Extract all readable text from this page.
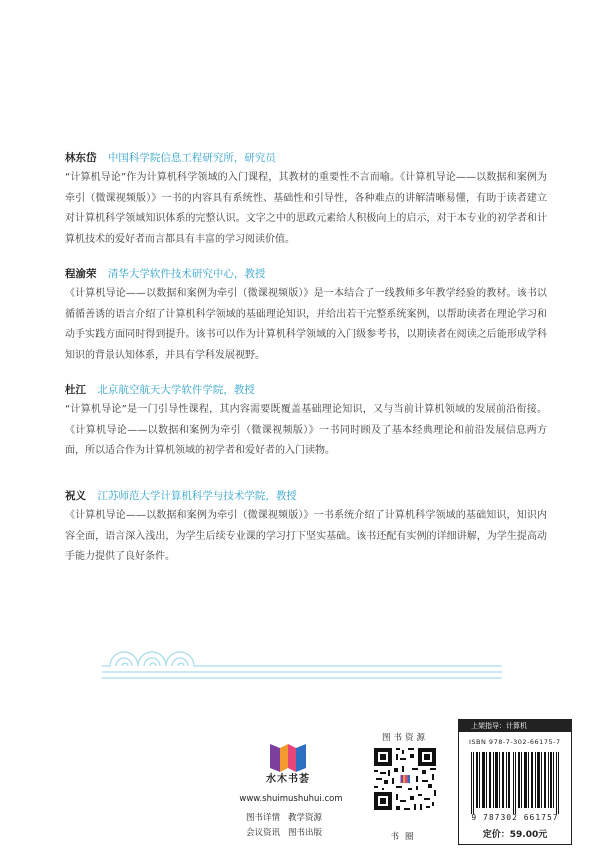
林东岱 中国科学院信息工程研究所，研究员
“计算机导论”作为计算机科学领域的入门课程，其教材的重要性不言而喻。《计算机导论——以数据和案例为牵引（微课视频版）》一书的内容具有系统性、基础性和引导性，各种难点的讲解清晰易懂，有助于读者建立对计算机科学领域知识体系的完整认识。文字之中的思政元素给人积极向上的启示，对于本专业的初学者和计算机技术的爱好者而言都具有丰富的学习阅读价值。
程渝荣 清华大学软件技术研究中心，教授
《计算机导论——以数据和案例为牵引（微课视频版）》是一本结合了一线教师多年教学经验的教材。该书以循循善诱的语言介绍了计算机科学领域的基础理论知识，并给出若干完整系统案例，以帮助读者在理论学习和动手实践方面同时得到提升。该书可以作为计算机科学领域的入门级参考书，以期读者在阅读之后能形成学科知识的背景认知体系，并具有学科发展视野。
杜江 北京航空航天大学软件学院，教授
“计算机导论”是一门引导性课程，其内容需要既覆盖基础理论知识，又与当前计算机领域的发展前沿衔接。《计算机导论——以数据和案例为牵引（微课视频版）》一书同时顾及了基本经典理论和前沿发展信息两方面，所以适合作为计算机领域的初学者和爱好者的入门读物。
祝义 江苏师范大学计算机科学与技术学院，教授
《计算机导论——以数据和案例为牵引（微课视频版）》一书系统介绍了计算机科学领域的基础知识，知识内容全面，语言深入浅出，为学生后续专业课的学习打下坚实基础。该书还配有实例的详细讲解，为学生提高动手能力提供了良好条件。
水木书荟
www.shuimushuhui.com
图书详情 教学资源
会议资讯 图书出版
图书资源
书圈
上架指导：计算机
ISBN 978-7-302-66175-7
9 787302 661757
定价：59.00元
